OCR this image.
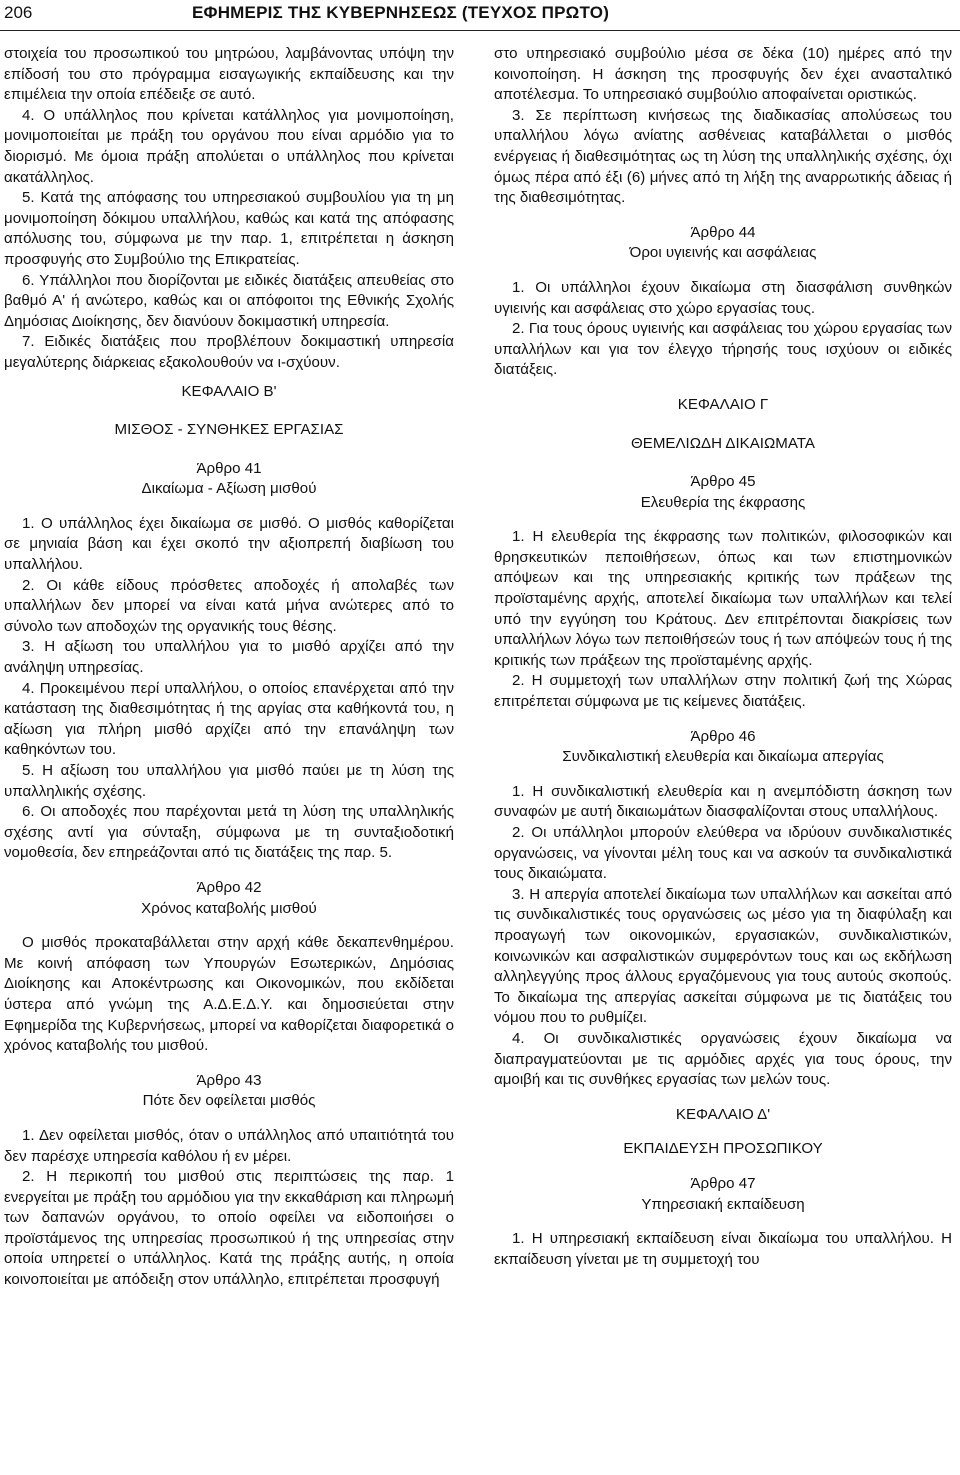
206	ΕΦΗΜΕΡΙΣ ΤΗΣ ΚΥΒΕΡΝΗΣΕΩΣ (ΤΕΥΧΟΣ ΠΡΩΤΟ)

στοιχεία του προσωπικού του μητρώου, λαμβάνοντας υπόψη την επίδοσή του στο πρόγραμμα εισαγωγικής εκπαίδευσης και την επιμέλεια την οποία επέδειξε σε αυτό.

4. Ο υπάλληλος που κρίνεται κατάλληλος για μονιμοποίηση, μονιμοποιείται με πράξη του οργάνου που είναι αρμόδιο για το διορισμό. Με όμοια πράξη απολύεται ο υπάλληλος που κρίνεται ακατάλληλος.

5. Κατά της απόφασης του υπηρεσιακού συμβουλίου για τη μη μονιμοποίηση δόκιμου υπαλλήλου, καθώς και κατά της απόφασης απόλυσης του, σύμφωνα με την παρ. 1, επιτρέπεται η άσκηση προσφυγής στο Συμβούλιο της Επικρατείας.

6. Υπάλληλοι που διορίζονται με ειδικές διατάξεις απευθείας στο βαθμό Α' ή ανώτερο, καθώς και οι απόφοιτοι της Εθνικής Σχολής Δημόσιας Διοίκησης, δεν διανύουν δοκιμαστική υπηρεσία.

7. Ειδικές διατάξεις που προβλέπουν δοκιμαστική υπηρεσία μεγαλύτερης διάρκειας εξακολουθούν να ι-σχύουν.

ΚΕΦΑΛΑΙΟ Β'
ΜΙΣΘΟΣ - ΣΥΝΘΗΚΕΣ ΕΡΓΑΣΙΑΣ
Άρθρο 41
Δικαίωμα - Αξίωση μισθού

1. Ο υπάλληλος έχει δικαίωμα σε μισθό. Ο μισθός καθορίζεται σε μηνιαία βάση και έχει σκοπό την αξιοπρεπή διαβίωση του υπαλλήλου.

2. Οι κάθε είδους πρόσθετες αποδοχές ή απολαβές των υπαλλήλων δεν μπορεί να είναι κατά μήνα ανώτερες από το σύνολο των αποδοχών της οργανικής τους θέσης.

3. Η αξίωση του υπαλλήλου για το μισθό αρχίζει από την ανάληψη υπηρεσίας.

4. Προκειμένου περί υπαλλήλου, ο οποίος επανέρχεται από την κατάσταση της διαθεσιμότητας ή της αργίας στα καθήκοντά του, η αξίωση για πλήρη μισθό αρχίζει από την επανάληψη των καθηκόντων του.

5. Η αξίωση του υπαλλήλου για μισθό παύει με τη λύση της υπαλληλικής σχέσης.

6. Οι αποδοχές που παρέχονται μετά τη λύση της υπαλληλικής σχέσης αντί για σύνταξη, σύμφωνα με τη συνταξιοδοτική νομοθεσία, δεν επηρεάζονται από τις διατάξεις της παρ. 5.

Άρθρο 42
Χρόνος καταβολής μισθού

Ο μισθός προκαταβάλλεται στην αρχή κάθε δεκαπενθημέρου. Με κοινή απόφαση των Υπουργών Εσωτερικών, Δημόσιας Διοίκησης και Αποκέντρωσης και Οικονομικών, που εκδίδεται ύστερα από γνώμη της Α.Δ.Ε.Δ.Υ. και δημοσιεύεται στην Εφημερίδα της Κυβερνήσεως, μπορεί να καθορίζεται διαφορετικά ο χρόνος καταβολής του μισθού.

Άρθρο 43
Πότε δεν οφείλεται μισθός

1. Δεν οφείλεται μισθός, όταν ο υπάλληλος από υπαιτιότητά του δεν παρέσχε υπηρεσία καθόλου ή εν μέρει.

2. Η περικοπή του μισθού στις περιπτώσεις της παρ. 1 ενεργείται με πράξη του αρμόδιου για την εκκαθάριση και πληρωμή των δαπανών οργάνου, το οποίο οφείλει να ειδοποιήσει ο προϊστάμενος της υπηρεσίας προσωπικού ή της υπηρεσίας στην οποία υπηρετεί ο υπάλληλος. Κατά της πράξης αυτής, η οποία κοινοποιείται με απόδειξη στον υπάλληλο, επιτρέπεται προσφυγή

στο υπηρεσιακό συμβούλιο μέσα σε δέκα (10) ημέρες από την κοινοποίηση. Η άσκηση της προσφυγής δεν έχει ανασταλτικό αποτέλεσμα. Το υπηρεσιακό συμβούλιο αποφαίνεται οριστικώς.

3. Σε περίπτωση κινήσεως της διαδικασίας απολύσεως του υπαλλήλου λόγω ανίατης ασθένειας καταβάλλεται ο μισθός ενέργειας ή διαθεσιμότητας ως τη λύση της υπαλληλικής σχέσης, όχι όμως πέρα από έξι (6) μήνες από τη λήξη της αναρρωτικής άδειας ή της διαθεσιμότητας.

Άρθρο 44
Όροι υγιεινής και ασφάλειας

1. Οι υπάλληλοι έχουν δικαίωμα στη διασφάλιση συνθηκών υγιεινής και ασφάλειας στο χώρο εργασίας τους.

2. Για τους όρους υγιεινής και ασφάλειας του χώρου εργασίας των υπαλλήλων και για τον έλεγχο τήρησής τους ισχύουν οι ειδικές διατάξεις.

ΚΕΦΑΛΑΙΟ Γ
ΘΕΜΕΛΙΩΔΗ ΔΙΚΑΙΩΜΑΤΑ
Άρθρο 45
Ελευθερία της έκφρασης

1. Η ελευθερία της έκφρασης των πολιτικών, φιλοσοφικών και θρησκευτικών πεποιθήσεων, όπως και των επιστημονικών απόψεων και της υπηρεσιακής κριτικής των πράξεων της προϊσταμένης αρχής, αποτελεί δικαίωμα των υπαλλήλων και τελεί υπό την εγγύηση του Κράτους. Δεν επιτρέπονται διακρίσεις των υπαλλήλων λόγω των πεποιθήσεών τους ή των απόψεών τους ή της κριτικής των πράξεων της προϊσταμένης αρχής.

2. Η συμμετοχή των υπαλλήλων στην πολιτική ζωή της Χώρας επιτρέπεται σύμφωνα με τις κείμενες διατάξεις.

Άρθρο 46
Συνδικαλιστική ελευθερία και δικαίωμα απεργίας

1. Η συνδικαλιστική ελευθερία και η ανεμπόδιστη άσκηση των συναφών με αυτή δικαιωμάτων διασφαλίζονται στους υπαλλήλους.

2. Οι υπάλληλοι μπορούν ελεύθερα να ιδρύουν συνδικαλιστικές οργανώσεις, να γίνονται μέλη τους και να ασκούν τα συνδικαλιστικά τους δικαιώματα.

3. Η απεργία αποτελεί δικαίωμα των υπαλλήλων και ασκείται από τις συνδικαλιστικές τους οργανώσεις ως μέσο για τη διαφύλαξη και προαγωγή των οικονομικών, εργασιακών, συνδικαλιστικών, κοινωνικών και ασφαλιστικών συμφερόντων τους και ως εκδήλωση αλληλεγγύης προς άλλους εργαζόμενους για τους αυτούς σκοπούς. Το δικαίωμα της απεργίας ασκείται σύμφωνα με τις διατάξεις του νόμου που το ρυθμίζει.

4. Οι συνδικαλιστικές οργανώσεις έχουν δικαίωμα να διαπραγματεύονται με τις αρμόδιες αρχές για τους όρους, την αμοιβή και τις συνθήκες εργασίας των μελών τους.

ΚΕΦΑΛΑΙΟ Δ'
ΕΚΠΑΙΔΕΥΣΗ ΠΡΟΣΩΠΙΚΟΥ
Άρθρο 47
Υπηρεσιακή εκπαίδευση

1. Η υπηρεσιακή εκπαίδευση είναι δικαίωμα του υπαλλήλου. Η εκπαίδευση γίνεται με τη συμμετοχή του
